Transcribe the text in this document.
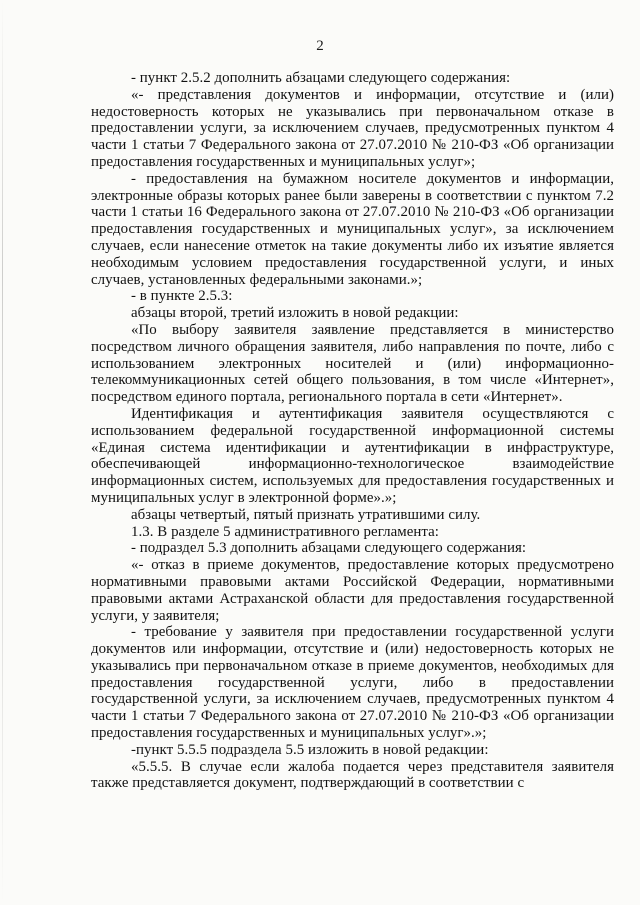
2

- пункт 2.5.2 дополнить абзацами следующего содержания:

«- представления документов и информации, отсутствие и (или) недостоверность которых не указывались при первоначальном отказе в предоставлении услуги, за исключением случаев, предусмотренных пунктом 4 части 1 статьи 7 Федерального закона от 27.07.2010 № 210-ФЗ «Об организации предоставления государственных и муниципальных услуг»;

- предоставления на бумажном носителе документов и информации, электронные образы которых ранее были заверены в соответствии с пунктом 7.2 части 1 статьи 16 Федерального закона от 27.07.2010 № 210-ФЗ «Об организации предоставления государственных и муниципальных услуг», за исключением случаев, если нанесение отметок на такие документы либо их изъятие является необходимым условием предоставления государственной услуги, и иных случаев, установленных федеральными законами.»;

- в пункте 2.5.3:

абзацы второй, третий изложить в новой редакции:

«По выбору заявителя заявление представляется в министерство посредством личного обращения заявителя, либо направления по почте, либо с использованием электронных носителей и (или) информационно-телекоммуникационных сетей общего пользования, в том числе «Интернет», посредством единого портала, регионального портала в сети «Интернет».

Идентификация и аутентификация заявителя осуществляются с использованием федеральной государственной информационной системы «Единая система идентификации и аутентификации в инфраструктуре, обеспечивающей информационно-технологическое взаимодействие информационных систем, используемых для предоставления государственных и муниципальных услуг в электронной форме».»;

абзацы четвертый, пятый признать утратившими силу.

1.3. В разделе 5 административного регламента:

- подраздел 5.3 дополнить абзацами следующего содержания:

«- отказ в приеме документов, предоставление которых предусмотрено нормативными правовыми актами Российской Федерации, нормативными правовыми актами Астраханской области для предоставления государственной услуги, у заявителя;

- требование у заявителя при предоставлении государственной услуги документов или информации, отсутствие и (или) недостоверность которых не указывались при первоначальном отказе в приеме документов, необходимых для предоставления государственной услуги, либо в предоставлении государственной услуги, за исключением случаев, предусмотренных пунктом 4 части 1 статьи 7 Федерального закона от 27.07.2010 № 210-ФЗ «Об организации предоставления государственных и муниципальных услуг».»;

-пункт 5.5.5 подраздела 5.5 изложить в новой редакции:

«5.5.5. В случае если жалоба подается через представителя заявителя также представляется документ, подтверждающий в соответствии с
